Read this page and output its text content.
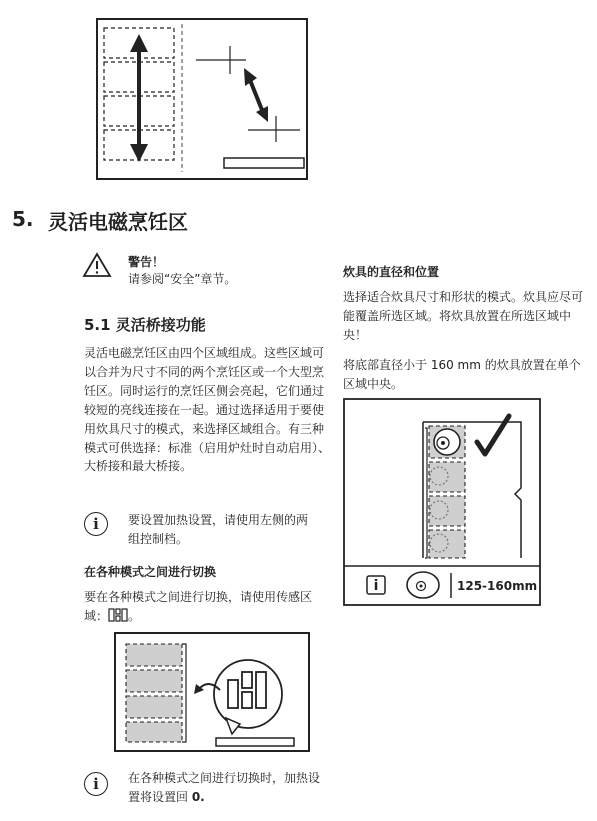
5. 灵活电磁烹饪区
警告！
请参阅“安全”章节。
5.1 灵活桥接功能
灵活电磁烹饪区由四个区域组成。这些区域可以合并为尺寸不同的两个烹饪区或一个大型烹饪区。同时运行的烹饪区侧会亮起，它们通过较短的亮线连接在一起。通过选择适用于要使用炊具尺寸的模式，来选择区域组合。有三种模式可供选择：标准（启用炉灶时自动启用）、大桥接和最大桥接。
i	要设置加热设置，请使用左侧的两组控制档。
在各种模式之间进行切换
要在各种模式之间进行切换，请使用传感区域： 。
i	在各种模式之间进行切换时，加热设置将设置回 0.
炊具的直径和位置
选择适合炊具尺寸和形状的模式。炊具应尽可能覆盖所选区域。将炊具放置在所选区域中央！
将底部直径小于 160 mm 的炊具放置在单个区域中央。
i	125-160mm
